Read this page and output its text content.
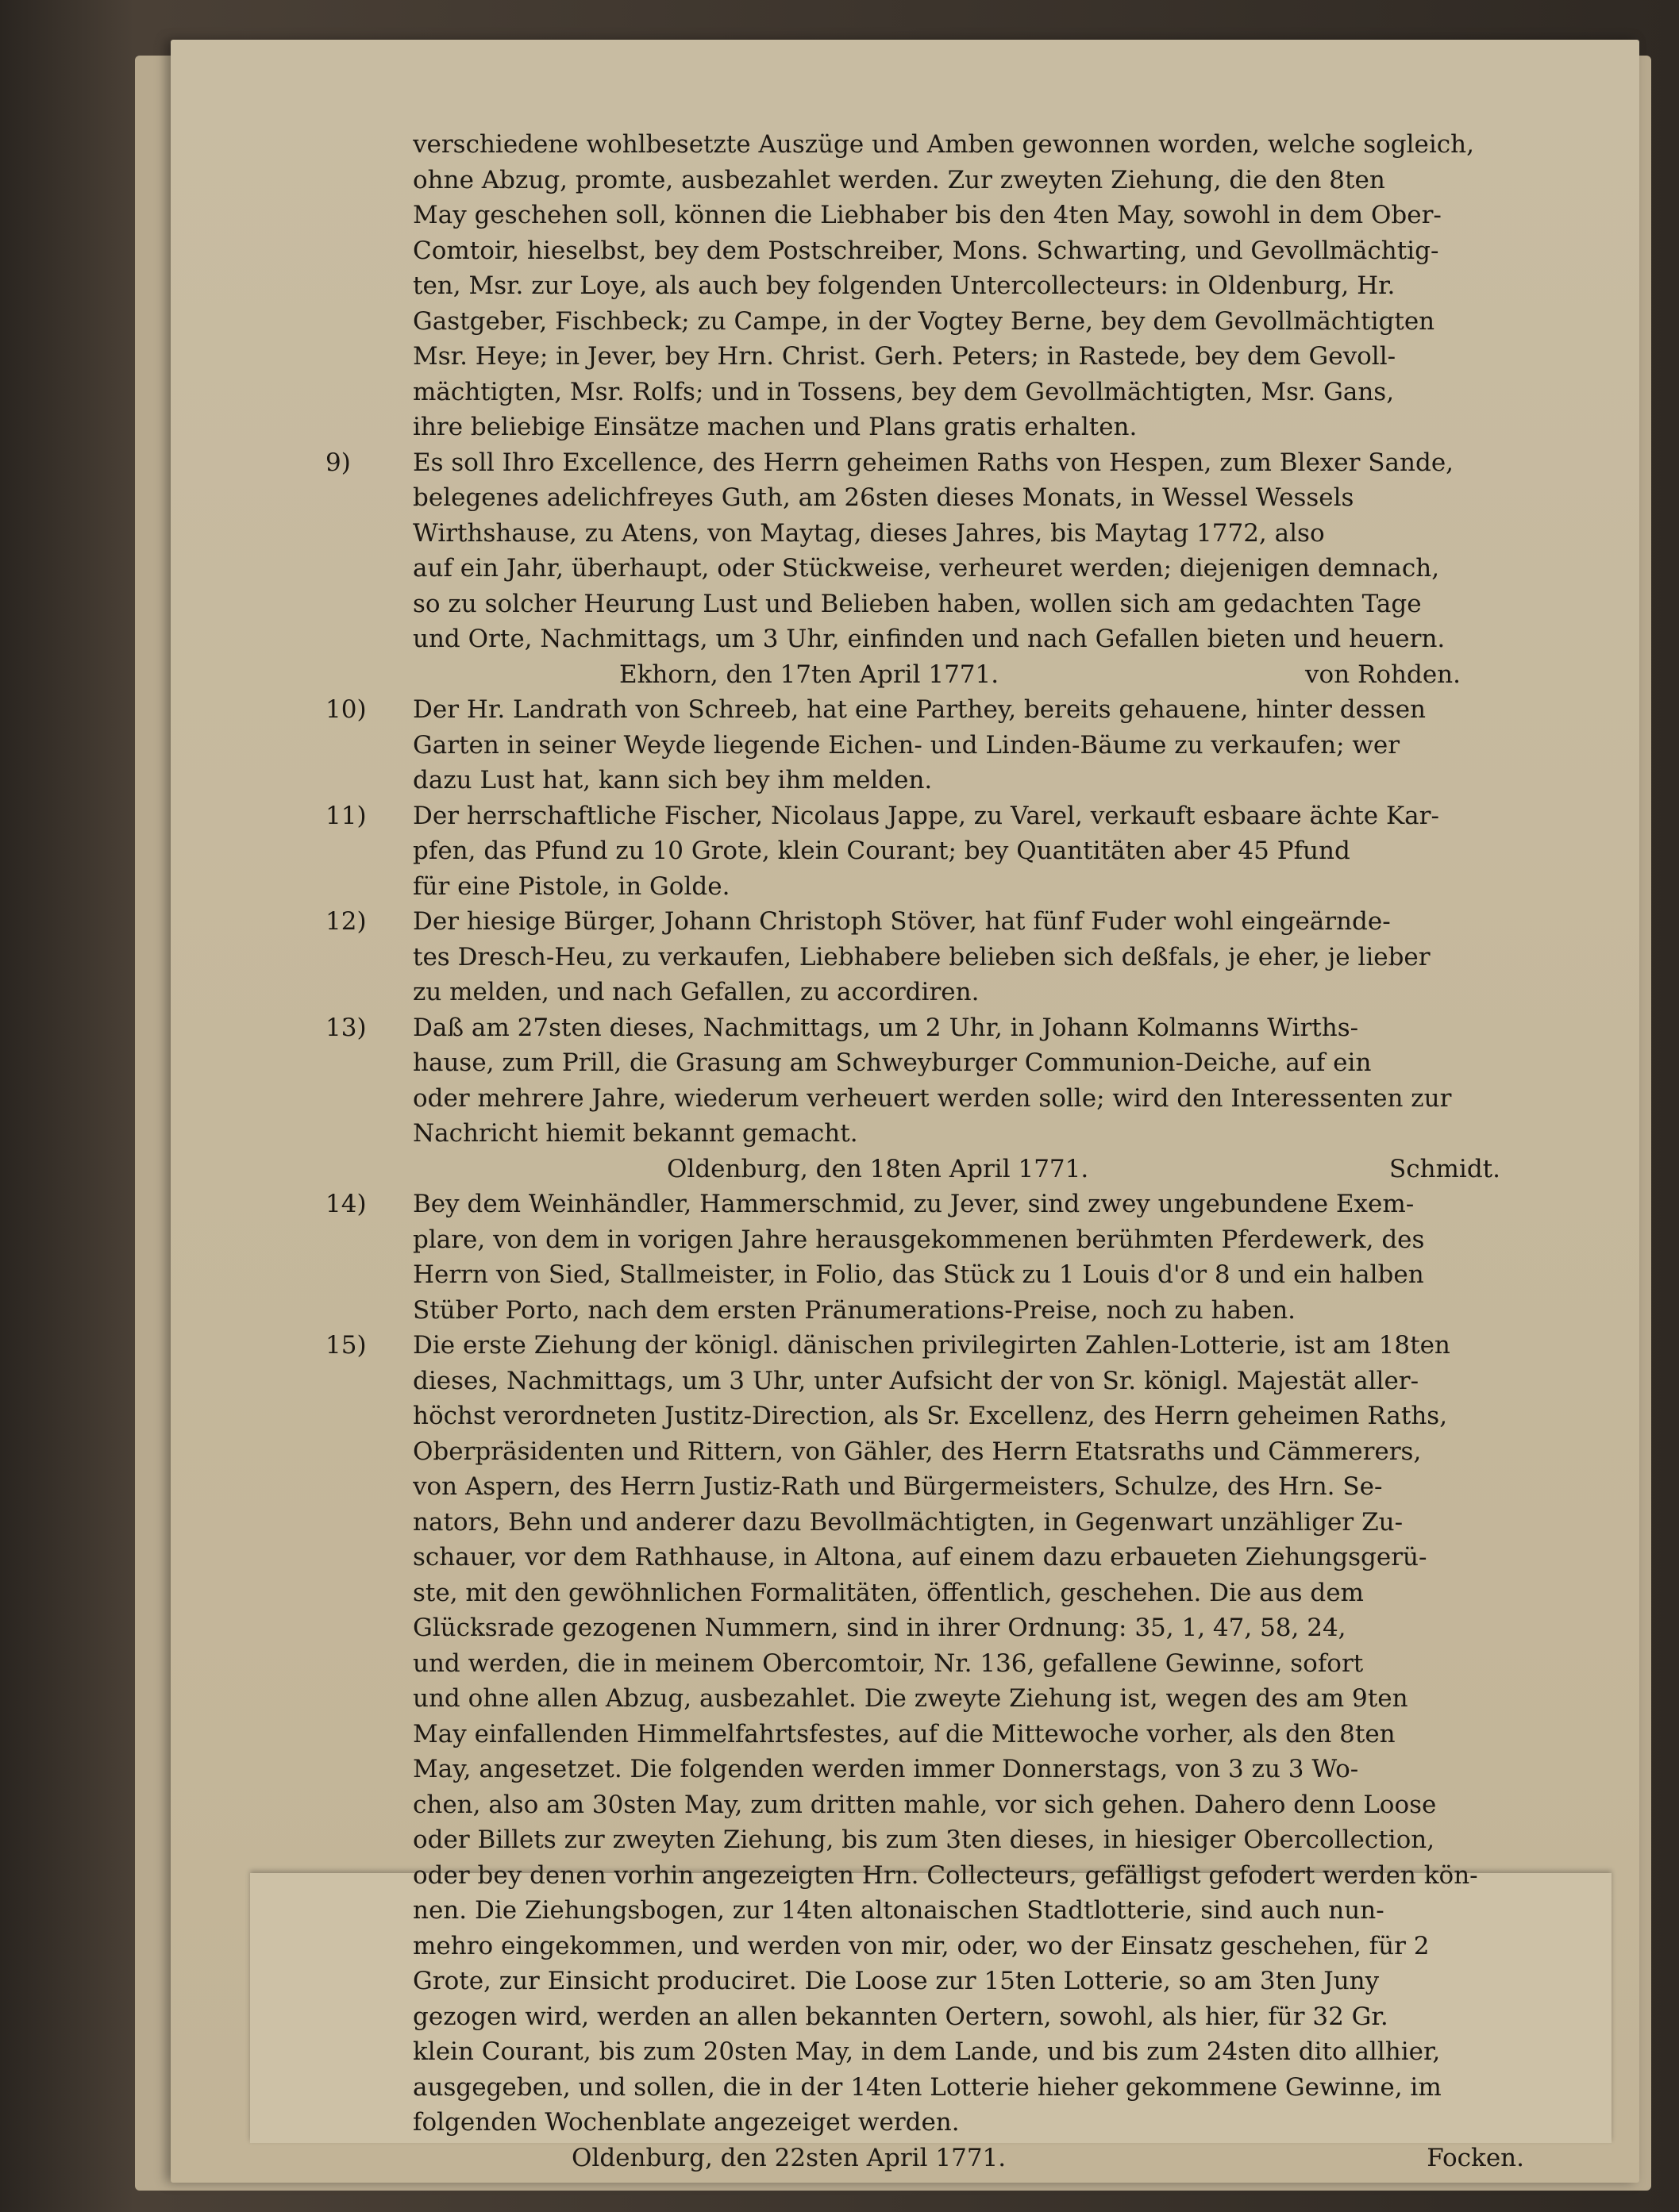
verschiedene wohlbesetzte Auszüge und Amben gewonnen worden, welche sogleich,
ohne Abzug, promte, ausbezahlet werden. Zur zweyten Ziehung, die den 8ten
May geschehen soll, können die Liebhaber bis den 4ten May, sowohl in dem Ober-
Comtoir, hieselbst, bey dem Postschreiber, Mons. Schwarting, und Gevollmächtig-
ten, Msr. zur Loye, als auch bey folgenden Untercollecteurs: in Oldenburg, Hr.
Gastgeber, Fischbeck; zu Campe, in der Vogtey Berne, bey dem Gevollmächtigten
Msr. Heye; in Jever, bey Hrn. Christ. Gerh. Peters; in Rastede, bey dem Gevoll-
mächtigten, Msr. Rolfs; und in Tossens, bey dem Gevollmächtigten, Msr. Gans,
ihre beliebige Einsätze machen und Plans gratis erhalten.
9)	Es soll Ihro Excellence, des Herrn geheimen Raths von Hespen, zum Blexer Sande,
belegenes adelichfreyes Guth, am 26sten dieses Monats, in Wessel Wessels
Wirthshause, zu Atens, von Maytag, dieses Jahres, bis Maytag 1772, also
auf ein Jahr, überhaupt, oder Stückweise, verheuret werden; diejenigen demnach,
so zu solcher Heurung Lust und Belieben haben, wollen sich am gedachten Tage
und Orte, Nachmittags, um 3 Uhr, einfinden und nach Gefallen bieten und heuern.
Ekhorn, den 17ten April 1771.	von Rohden.
10)	Der Hr. Landrath von Schreeb, hat eine Parthey, bereits gehauene, hinter dessen
Garten in seiner Weyde liegende Eichen- und Linden-Bäume zu verkaufen; wer
dazu Lust hat, kann sich bey ihm melden.
11)	Der herrschaftliche Fischer, Nicolaus Jappe, zu Varel, verkauft esbaare ächte Kar-
pfen, das Pfund zu 10 Grote, klein Courant; bey Quantitäten aber 45 Pfund
für eine Pistole, in Golde.
12)	Der hiesige Bürger, Johann Christoph Stöver, hat fünf Fuder wohl eingeärnde-
tes Dresch-Heu, zu verkaufen, Liebhabere belieben sich deßfals, je eher, je lieber
zu melden, und nach Gefallen, zu accordiren.
13)	Daß am 27sten dieses, Nachmittags, um 2 Uhr, in Johann Kolmanns Wirths-
hause, zum Prill, die Grasung am Schweyburger Communion-Deiche, auf ein
oder mehrere Jahre, wiederum verheuert werden solle; wird den Interessenten zur
Nachricht hiemit bekannt gemacht.
Oldenburg, den 18ten April 1771.	Schmidt.
14)	Bey dem Weinhändler, Hammerschmid, zu Jever, sind zwey ungebundene Exem-
plare, von dem in vorigen Jahre herausgekommenen berühmten Pferdewerk, des
Herrn von Sied, Stallmeister, in Folio, das Stück zu 1 Louis d'or 8 und ein halben
Stüber Porto, nach dem ersten Pränumerations-Preise, noch zu haben.
15)	Die erste Ziehung der königl. dänischen privilegirten Zahlen-Lotterie, ist am 18ten
dieses, Nachmittags, um 3 Uhr, unter Aufsicht der von Sr. königl. Majestät aller-
höchst verordneten Justitz-Direction, als Sr. Excellenz, des Herrn geheimen Raths,
Oberpräsidenten und Rittern, von Gähler, des Herrn Etatsraths und Cämmerers,
von Aspern, des Herrn Justiz-Rath und Bürgermeisters, Schulze, des Hrn. Se-
nators, Behn und anderer dazu Bevollmächtigten, in Gegenwart unzähliger Zu-
schauer, vor dem Rathhause, in Altona, auf einem dazu erbaueten Ziehungsgerü-
ste, mit den gewöhnlichen Formalitäten, öffentlich, geschehen. Die aus dem
Glücksrade gezogenen Nummern, sind in ihrer Ordnung: 35, 1, 47, 58, 24,
und werden, die in meinem Obercomtoir, Nr. 136, gefallene Gewinne, sofort
und ohne allen Abzug, ausbezahlet. Die zweyte Ziehung ist, wegen des am 9ten
May einfallenden Himmelfahrtsfestes, auf die Mittewoche vorher, als den 8ten
May, angesetzet. Die folgenden werden immer Donnerstags, von 3 zu 3 Wo-
chen, also am 30sten May, zum dritten mahle, vor sich gehen. Dahero denn Loose
oder Billets zur zweyten Ziehung, bis zum 3ten dieses, in hiesiger Obercollection,
oder bey denen vorhin angezeigten Hrn. Collecteurs, gefälligst gefodert werden kön-
nen. Die Ziehungsbogen, zur 14ten altonaischen Stadtlotterie, sind auch nun-
mehro eingekommen, und werden von mir, oder, wo der Einsatz geschehen, für 2
Grote, zur Einsicht produciret. Die Loose zur 15ten Lotterie, so am 3ten Juny
gezogen wird, werden an allen bekannten Oertern, sowohl, als hier, für 32 Gr.
klein Courant, bis zum 20sten May, in dem Lande, und bis zum 24sten dito allhier,
ausgegeben, und sollen, die in der 14ten Lotterie hieher gekommene Gewinne, im
folgenden Wochenblate angezeiget werden.
Oldenburg, den 22sten April 1771.	Focken.
